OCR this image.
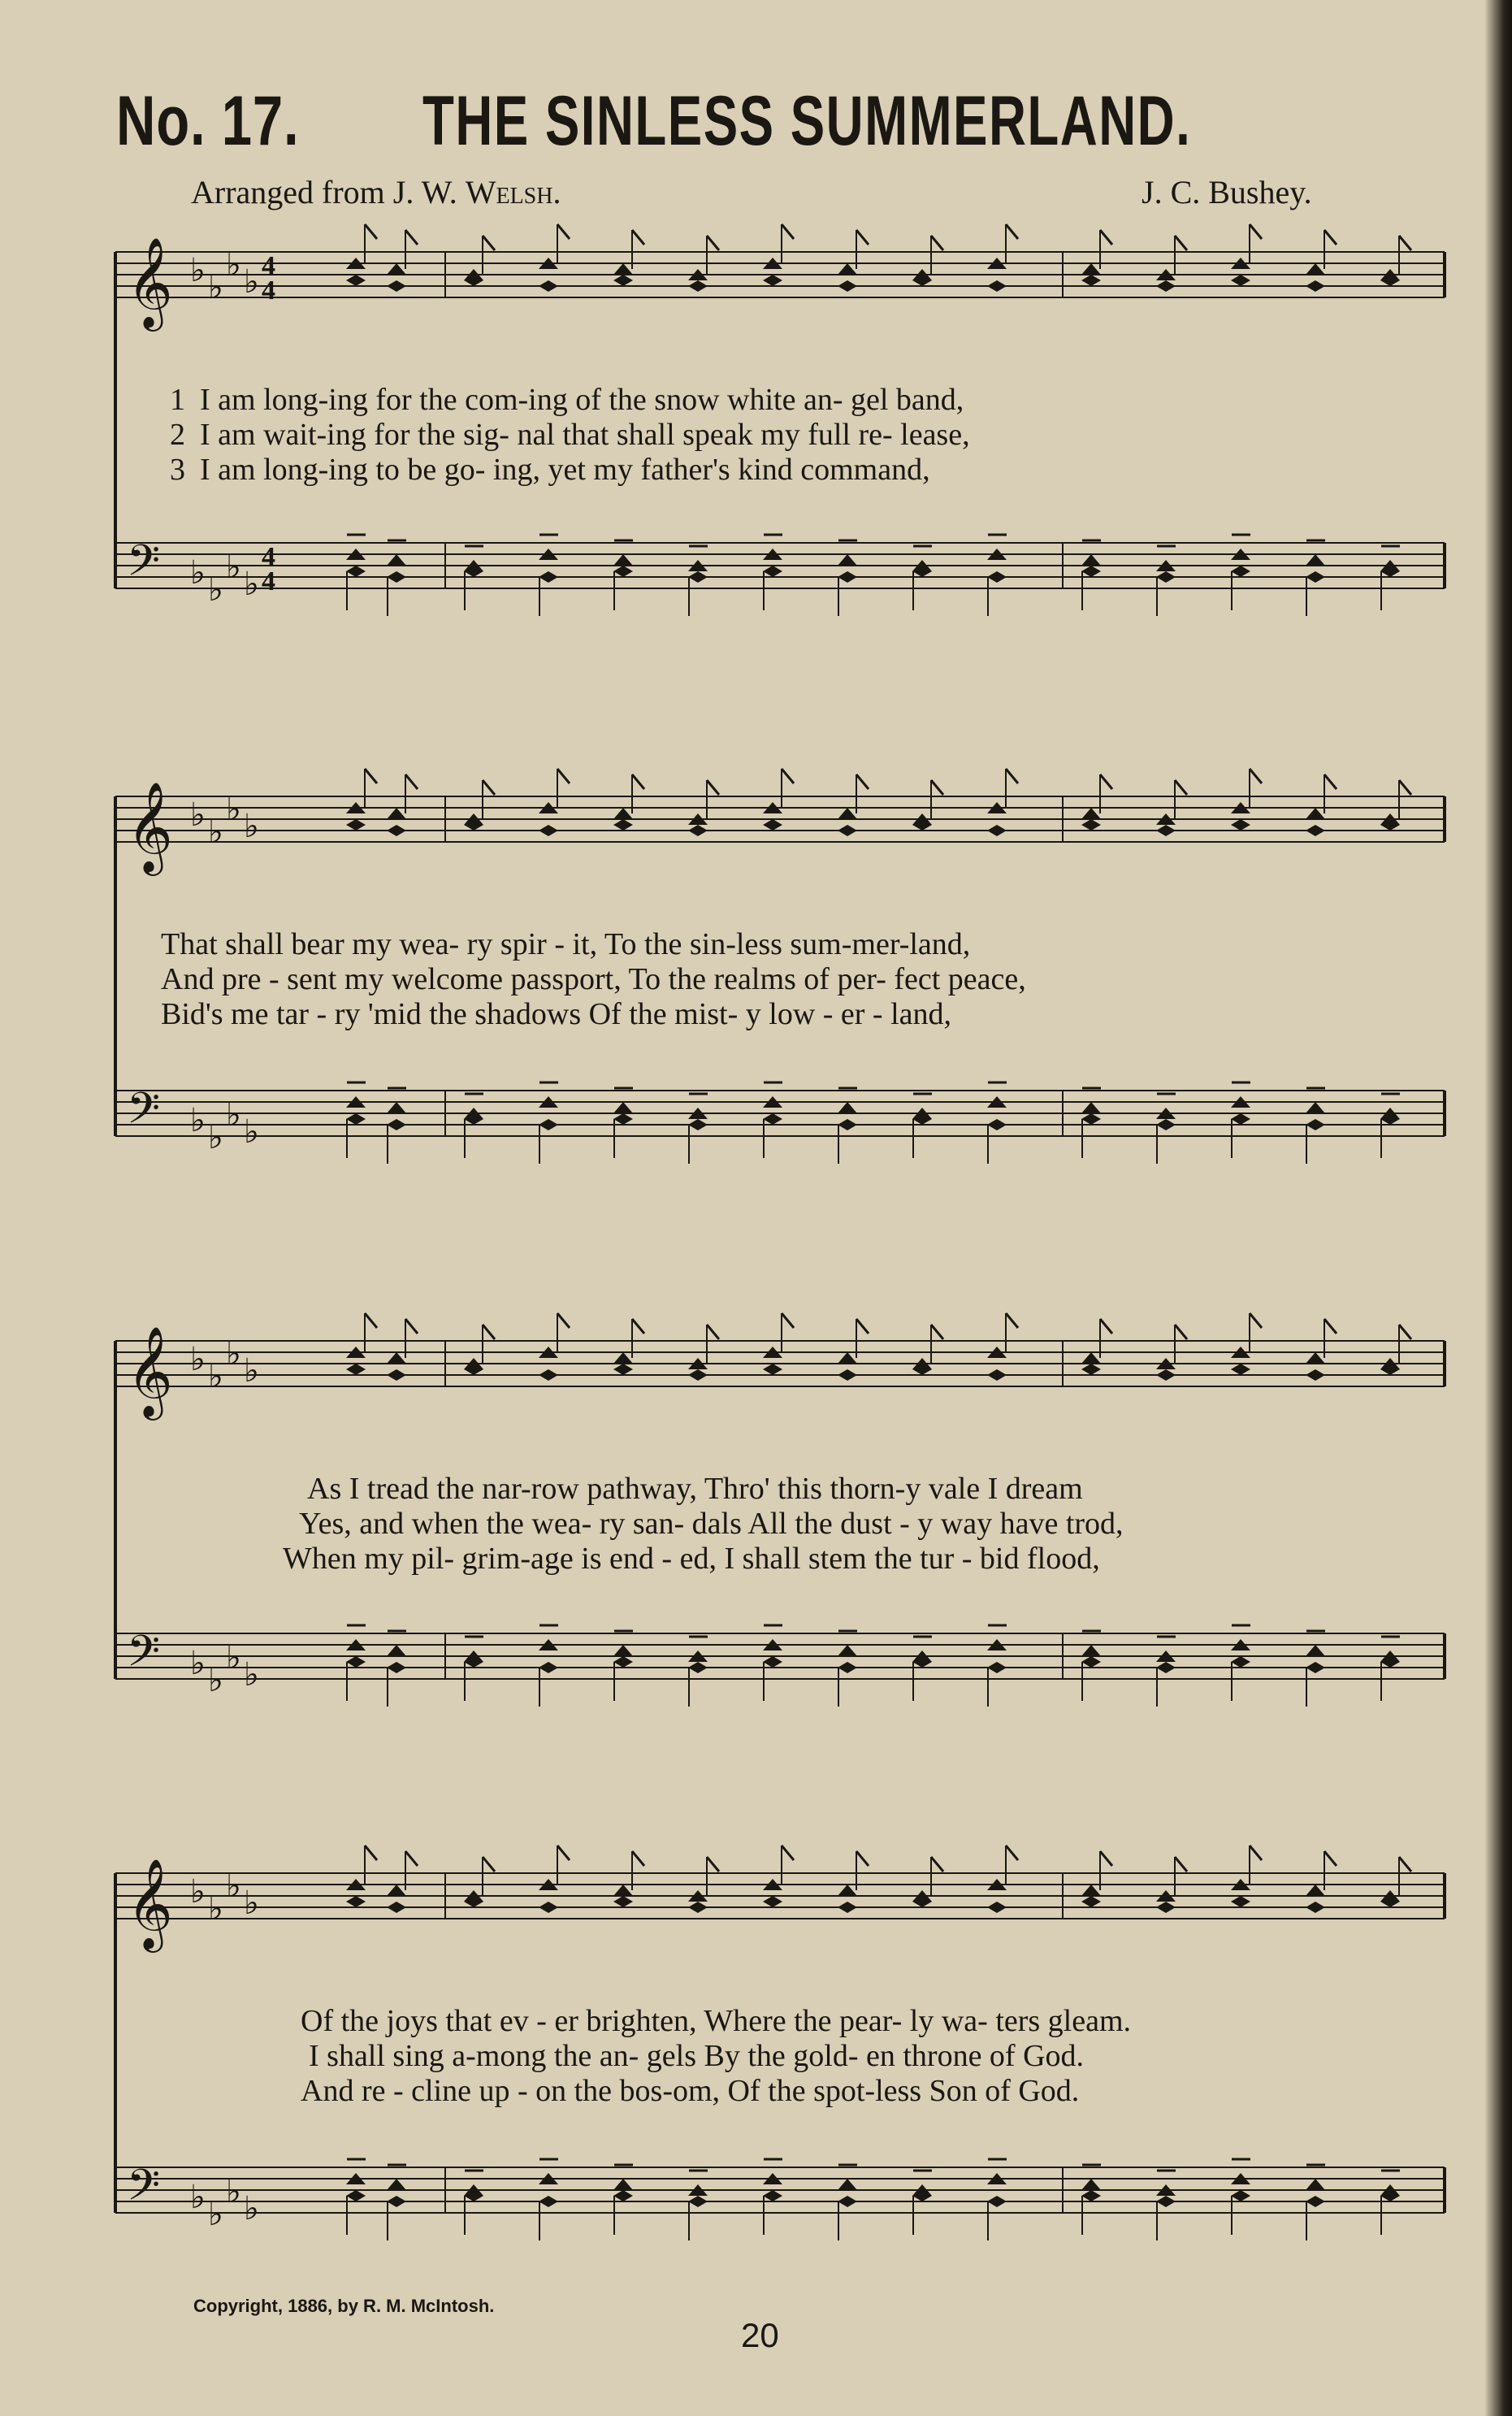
No. 17. THE SINLESS SUMMERLAND.
Arranged from J. W. Welsh.	J. C. Bushey.
𝄞 ♭ ♭
♭ ♭ 4
4
𝄢 ♭ ♭
♭ ♭
4
4
1 I am long-ing for the com-ing of the snow white an- gel band,
2 I am wait-ing for the sig- nal that shall speak my full re- lease,
3 I am long-ing to be go- ing, yet my father's kind command,
𝄞 ♭ ♭
♭ ♭
𝄢 ♭ ♭
♭ ♭
That shall bear my wea- ry spir - it, To the sin-less sum-mer-land,
And pre - sent my welcome passport, To the realms of per- fect peace,
Bid's me tar - ry 'mid the shadows Of the mist- y low - er - land,
𝄞 ♭ ♭
♭ ♭
𝄢 ♭ ♭
♭ ♭
As I tread the nar-row pathway, Thro' this thorn-y vale I dream
Yes, and when the wea- ry san- dals All the dust - y way have trod,
When my pil- grim-age is end - ed, I shall stem the tur - bid flood,
𝄞 ♭ ♭
♭ ♭
𝄢 ♭ ♭
♭ ♭
Of the joys that ev - er brighten, Where the pear- ly wa- ters gleam.
I shall sing a-mong the an- gels By the gold- en throne of God.
And re - cline up - on the bos-om, Of the spot-less Son of God.
Copyright, 1886, by R. M. McIntosh.
20
